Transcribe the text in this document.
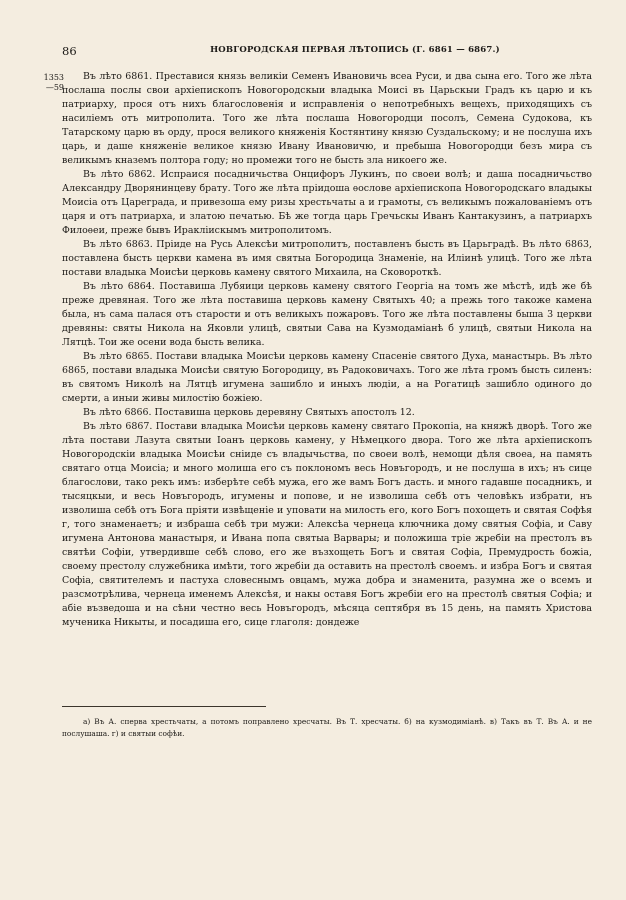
86	НОВГОРОДСКАЯ ПЕРВАЯ ЛѢТОПИСЬ (Г. 6861 — 6867.)
1353
—59

Въ лѣто 6861. Преставися князь великiи Семенъ Ивановичь всеа Руси, и два сына его. Того же лѣта послаша послы свои архiепископъ Новогородскыи владыка Моисi въ Царьскыи Градъ къ царю и къ патриарху, прося отъ нихъ благословенiя и исправленiя о непотребныхъ вещехъ, приходящихъ съ насилiемъ отъ митрополита. Того же лѣта послаша Новогородци посолъ, Семена Судокова, къ Татарскому царю въ орду, прося великого княженiя Костянтину князю Суздальскому; и не послуша ихъ царь, и даше княженiе великое князю Ивану Ивановичю, и пребыша Новогородци безъ мира съ великымъ кназемъ полтора году; но промежи того не бысть зла никоего же.

Въ лѣто 6862. Испраися посадничьства Онцифоръ Лукинъ, по своеи волѣ; и даша посадничьство Александру Дворянинцеву брату. Того же лѣта прiидоша ѳослове архiепископа Новогородскаго владыкы Моисiа отъ Цареграда, и привезоша ему ризы хрестьчаты а и грамоты, съ великымъ пожалованiемъ отъ царя и отъ патриарха, и златою печатью. Бѣ же тогда царь Гречьскы Иванъ Кантакузинъ, а патриархъ Филоѳеи, преже бывъ Иракліискымъ митрополитомъ.

Въ лѣто 6863. Прiиде на Русь Алексѣи митрополитъ, поставленъ бысть въ Царьградѣ. Въ лѣто 6863, поставлена бысть церкви камена въ имя святыа Богородица Знаменiе, на Илiинѣ улицѣ. Того же лѣта постави владыка Моисѣи церковь камену святого Михаила, на Сковороткѣ.

Въ лѣто 6864. Поставиша Лубяици церковь камену святого Георгiа на томъ же мѣстѣ, идѣ же бѣ преже древяная. Того же лѣта поставиша церковь камену Святыхъ 40; а прежь того такоже камена была, нъ сама палася отъ старости и отъ великыхъ пожаровъ. Того же лѣта поставлены быша 3 церкви древяны: святы Никола на Яковли улицѣ, святыи Сава на Кузмодамiанѣ б улицѣ, святыи Никола на Лятцѣ. Тои же осени вода бысть велика.

Въ лѣто 6865. Постави владыка Моисѣи церковь камену Спасенiе святого Духа, манастырь. Въ лѣто 6865, постави владыка Моисѣи святую Богородицу, въ Радоковичахъ. Того же лѣта громъ бысть силенъ: въ святомъ Николѣ на Лятцѣ игумена зашибло и иныхъ людiи, а на Рогатицѣ зашибло одиного до смерти, а иныи живы милостiю божiею.

Въ лѣто 6866. Поставиша церковь деревяну Святыхъ апостолъ 12.

Въ лѣто 6867. Постави владыка Моисѣи церковь камену святаго Прокопiа, на княжѣ дворѣ. Того же лѣта постави Лазута святыи Іоанъ церковь камену, у Нѣмецкого двора. Того же лѣта архiепископъ Новогородскiи владыка Моисѣи снiиде съ владычьства, по своеи волѣ, немощи дѣля своеа, на память святаго отца Моисiа; и много молиша его съ поклономъ весь Новъгородъ, и не послуша в ихъ; нъ сице благослови, тако рекъ имъ: изберѣте себѣ мужа, его же вамъ Богъ дасть. и много гадавше посадникъ, и тысяцкыи, и весь Новъгородъ, игумены и попове, и не изволиша себѣ отъ человѣкъ избрати, нъ изволиша себѣ отъ Бога прiяти извѣщенiе и уповати на милость его, кого Богъ похощеть и святая Софѣя г, того знаменаетъ; и избраша себѣ три мужи: Алексѣа чернеца ключника дому святыя Софiа, и Саву игумена Антонова манастыря, и Ивана попа святыа Варвары; и положиша трiе жребiи на престолъ въ святѣи Софiи, утвердивше себѣ слово, его же възхощеть Богъ и святая Софiа, Премудрость божiа, своему престолу служебника имѣти, того жребiи да оставить на престолѣ своемъ. и избра Богъ и святая Софiа, святителемъ и пастуха словеснымъ овцамъ, мужа добра и знаменита, разумна же о всемъ и разсмотрѣлива, чернеца именемъ Алексѣя, и накы оставя Богъ жребiи его на престолѣ святыя Софiа; и абiе възведоша и на сѣни честно весь Новъгородъ, мѣсяца септября въ 15 день, на память Христова мученика Никыты, и посадиша его, сице глаголя: дондеже

а) Въ А. сперва хрестьчаты, а потомъ поправлено хресчаты. Въ Т. хресчаты. б) на кузмодимiанѣ. в) Такъ въ Т. Въ А. и не послушаша. г) и святыи софѣи.
